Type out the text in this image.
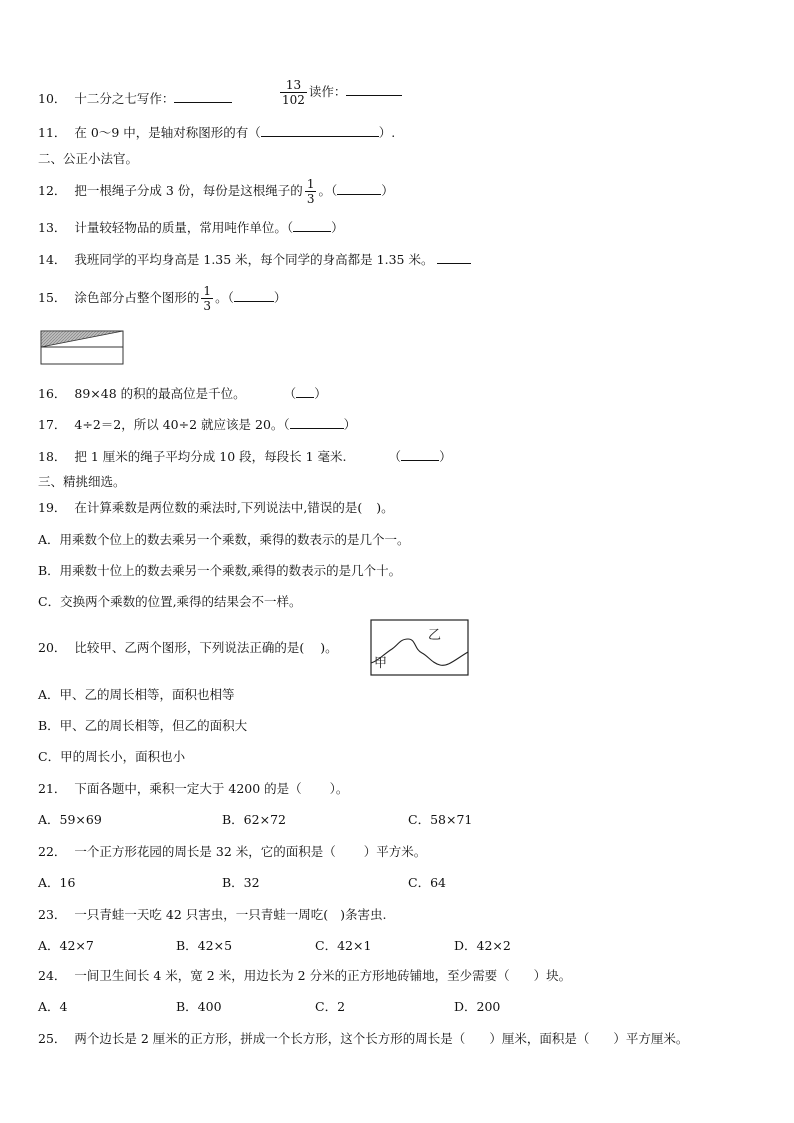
10． 十二分之七写作：	$\frac{13}{102}$ 读作：
11． 在 0～9 中，是轴对称图形的有（	）.
二、公正小法官。
12． 把一根绳子分成 3 份，每份是这根绳子的 $\frac{1}{3}$ 。（	）
13． 计量较轻物品的质量，常用吨作单位。（	）
14． 我班同学的平均身高是 1.35 米，每个同学的身高都是 1.35 米。
15． 涂色部分占整个图形的 $\frac{1}{3}$ 。（	）
16． 89×48 的积的最高位是千位。	（ ）
17． 4÷2＝2，所以 40÷2 就应该是 20。（	）
18． 把 1 厘米的绳子平均分成 10 段，每段长 1 毫米.	（	）
三、精挑细选。
19． 在计算乘数是两位数的乘法时,下列说法中,错误的是( )。
A．用乘数个位上的数去乘另一个乘数，乘得的数表示的是几个一。
B．用乘数十位上的数去乘另一个乘数,乘得的数表示的是几个十。
C．交换两个乘数的位置,乘得的结果会不一样。
20． 比较甲、乙两个图形，下列说法正确的是( )。
乙
甲
A．甲、乙的周长相等，面积也相等
B．甲、乙的周长相等，但乙的面积大
C．甲的周长小，面积也小
21． 下面各题中，乘积一定大于 4200 的是（ ）。
A．59×69	B．62×72	C．58×71
22． 一个正方形花园的周长是 32 米，它的面积是（ ）平方米。
A．16	B．32	C．64
23． 一只青蛙一天吃 42 只害虫，一只青蛙一周吃( )条害虫.
A．42×7	B．42×5	C．42×1	D．42×2
24． 一间卫生间长 4 米，宽 2 米，用边长为 2 分米的正方形地砖铺地，至少需要（ ）块。
A．4	B．400	C．2	D．200
25． 两个边长是 2 厘米的正方形，拼成一个长方形，这个长方形的周长是（ ）厘米，面积是（ ）平方厘米。
